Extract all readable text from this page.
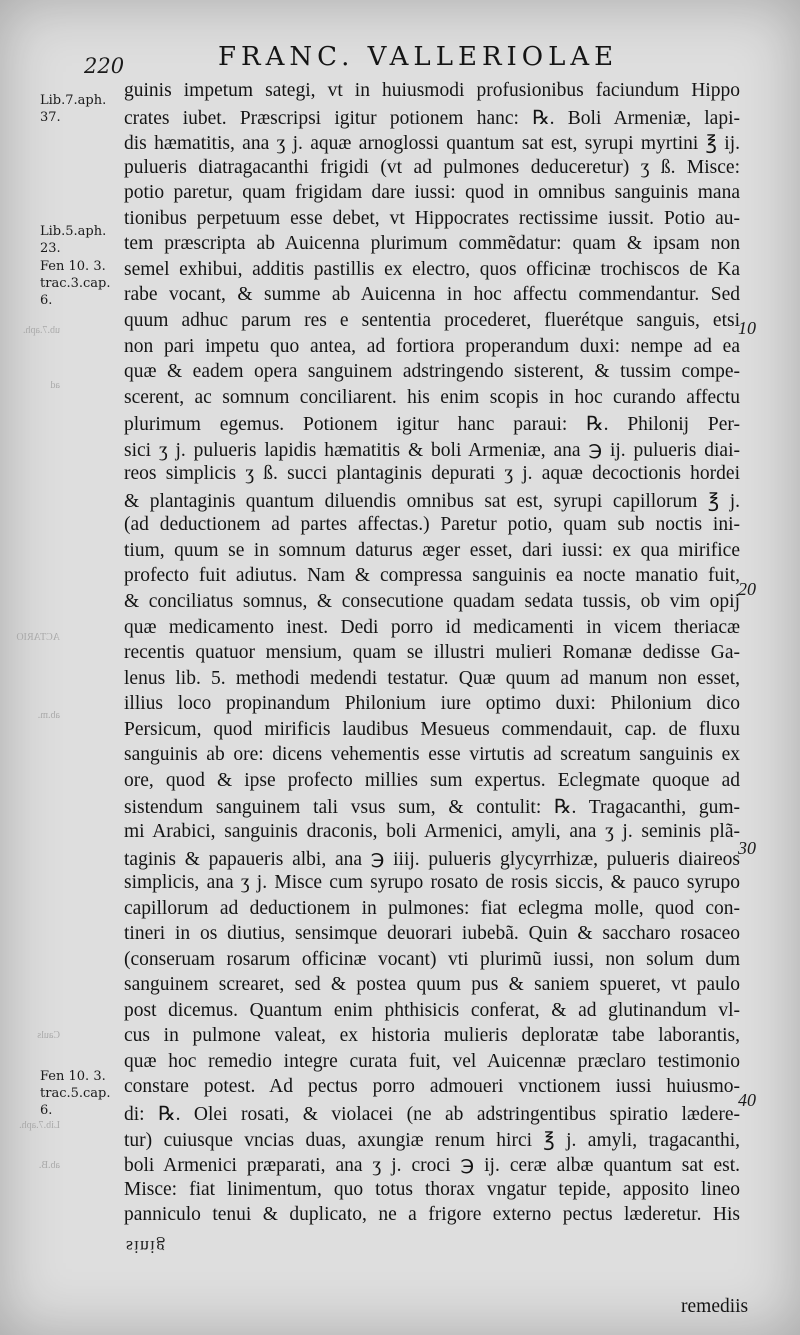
ub.7.aph.
ad
ACTARIO
ab.m.
Cauls
Lib.7.aph.
ab.B.
220	FRANC. VALLERIOLAE
Lib.7.aph. 37.
Lib.5.aph. 23.
Fen 10. 3. trac.3.cap. 6.
Fen 10. 3. trac.5.cap. 6.
guinis impetum sategi, vt in huiusmodi profusionibus faciundum Hippo
crates iubet. Præscripsi igitur potionem hanc: ℞. Boli Armeniæ, lapi-
dis hæmatitis, ana ʒ j. aquæ arnoglossi quantum sat est, syrupi myrtini ℥ ij.
pulueris diatragacanthi frigidi (vt ad pulmones deduceretur) ʒ ß. Misce:
potio paretur, quam frigidam dare iussi: quod in omnibus sanguinis mana
tionibus perpetuum esse debet, vt Hippocrates rectissime iussit. Potio au-
tem præscripta ab Auicenna plurimum commẽdatur: quam & ipsam non
semel exhibui, additis pastillis ex electro, quos officinæ trochiscos de Ka
rabe vocant, & summe ab Auicenna in hoc affectu commendantur. Sed
quum adhuc parum res e sententia procederet, fluerétque sanguis, etsi
non pari impetu quo antea, ad fortiora properandum duxi: nempe ad ea
quæ & eadem opera sanguinem adstringendo sisterent, & tussim compe-
scerent, ac somnum conciliarent. his enim scopis in hoc curando affectu
plurimum egemus. Potionem igitur hanc paraui: ℞. Philonij Per-
sici ʒ j. pulueris lapidis hæmatitis & boli Armeniæ, ana ℈ ij. pulueris diai-
reos simplicis ʒ ß. succi plantaginis depurati ʒ j. aquæ decoctionis hordei
& plantaginis quantum diluendis omnibus sat est, syrupi capillorum ℥ j.
(ad deductionem ad partes affectas.) Paretur potio, quam sub noctis ini-
tium, quum se in somnum daturus æger esset, dari iussi: ex qua mirifice
profecto fuit adiutus. Nam & compressa sanguinis ea nocte manatio fuit,
& conciliatus somnus, & consecutione quadam sedata tussis, ob vim opij
quæ medicamento inest. Dedi porro id medicamenti in vicem theriacæ
recentis quatuor mensium, quam se illustri mulieri Romanæ dedisse Ga-
lenus lib. 5. methodi medendi testatur. Quæ quum ad manum non esset,
illius loco propinandum Philonium iure optimo duxi: Philonium dico
Persicum, quod mirificis laudibus Mesueus commendauit, cap. de fluxu
sanguinis ab ore: dicens vehementis esse virtutis ad screatum sanguinis ex
ore, quod & ipse profecto millies sum expertus. Eclegmate quoque ad
sistendum sanguinem tali vsus sum, & contulit: ℞. Tragacanthi, gum-
mi Arabici, sanguinis draconis, boli Armenici, amyli, ana ʒ j. seminis plã-
taginis & papaueris albi, ana ℈ iiij. pulueris glycyrrhizæ, pulueris diaireos
simplicis, ana ʒ j. Misce cum syrupo rosato de rosis siccis, & pauco syrupo
capillorum ad deductionem in pulmones: fiat eclegma molle, quod con-
tineri in os diutius, sensimque deuorari iubebã. Quin & saccharo rosaceo
(conseruam rosarum officinæ vocant) vti plurimũ iussi, non solum dum
sanguinem screaret, sed & postea quum pus & saniem spueret, vt paulo
post dicemus. Quantum enim phthisicis conferat, & ad glutinandum vl-
cus in pulmone valeat, ex historia mulieris deploratæ tabe laborantis,
quæ hoc remedio integre curata fuit, vel Auicennæ præclaro testimonio
constare potest. Ad pectus porro admoueri vnctionem iussi huiusmo-
di: ℞. Olei rosati, & violacei (ne ab adstringentibus spiratio lædere-
tur) cuiusque vncias duas, axungiæ renum hirci ℥ j. amyli, tragacanthi,
boli Armenici præparati, ana ʒ j. croci ℈ ij. ceræ albæ quantum sat est.
Misce: fiat linimentum, quo totus thorax vngatur tepide, apposito lineo
panniculo tenui & duplicato, ne a frigore externo pectus læderetur. His
10
20
30
40
sinig
remediis
